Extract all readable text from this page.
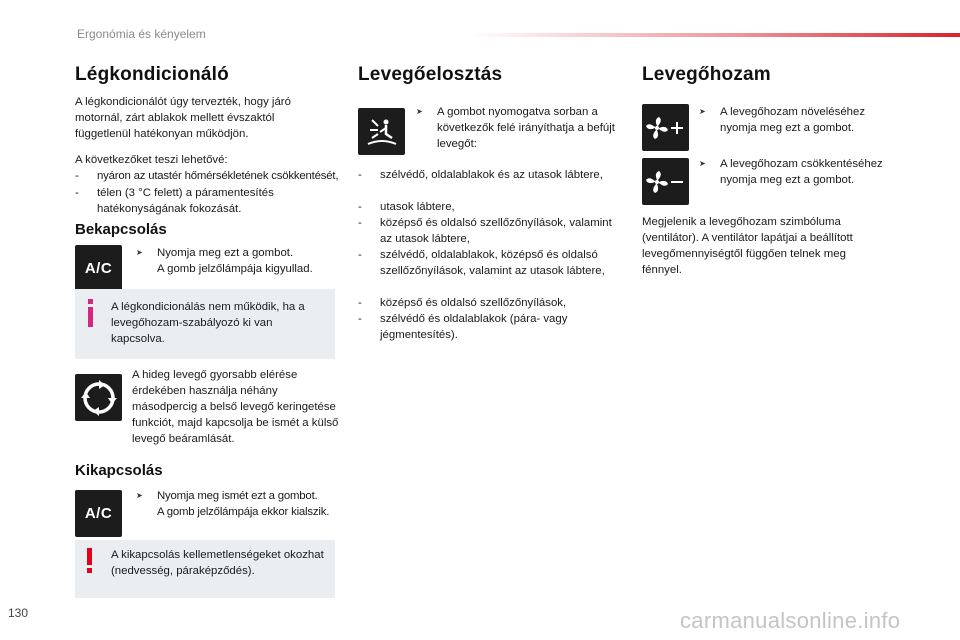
Ergonómia és kényelem
Légkondicionáló
A légkondicionálót úgy tervezték, hogy járó motornál, zárt ablakok mellett évszaktól függetlenül hatékonyan működjön.
A következőket teszi lehetővé:
-	nyáron az utastér hőmérsékletének csökkentését,
-	télen (3 °C felett) a páramentesítés hatékonyságának fokozását.
Bekapcsolás
A/C
➤	Nyomja meg ezt a gombot.
A gomb jelzőlámpája kigyullad.
A légkondicionálás nem működik, ha a levegőhozam-szabályozó ki van kapcsolva.
A hideg levegő gyorsabb elérése érdekében használja néhány másodpercig a belső levegő keringetése funkciót, majd kapcsolja be ismét a külső levegő beáramlását.
Kikapcsolás
A/C
➤	Nyomja meg ismét ezt a gombot.
A gomb jelzőlámpája ekkor kialszik.
A kikapcsolás kellemetlenségeket okozhat (nedvesség, páraképződés).
Levegőelosztás
➤	A gombot nyomogatva sorban a következők felé irányíthatja a befújt levegőt:
-	szélvédő, oldalablakok és az utasok lábtere,
-	utasok lábtere,
-	középső és oldalsó szellőzőnyílások, valamint az utasok lábtere,
-	szélvédő, oldalablakok, középső és oldalsó szellőzőnyílások, valamint az utasok lábtere,
-	középső és oldalsó szellőzőnyílások,
-	szélvédő és oldalablakok (pára- vagy jégmentesítés).
Levegőhozam
➤	A levegőhozam növeléséhez nyomja meg ezt a gombot.
➤	A levegőhozam csökkentéséhez nyomja meg ezt a gombot.
Megjelenik a levegőhozam szimbóluma (ventilátor). A ventilátor lapátjai a beállított levegőmennyiségtől függően telnek meg fénnyel.
130	carmanualsonline.info
